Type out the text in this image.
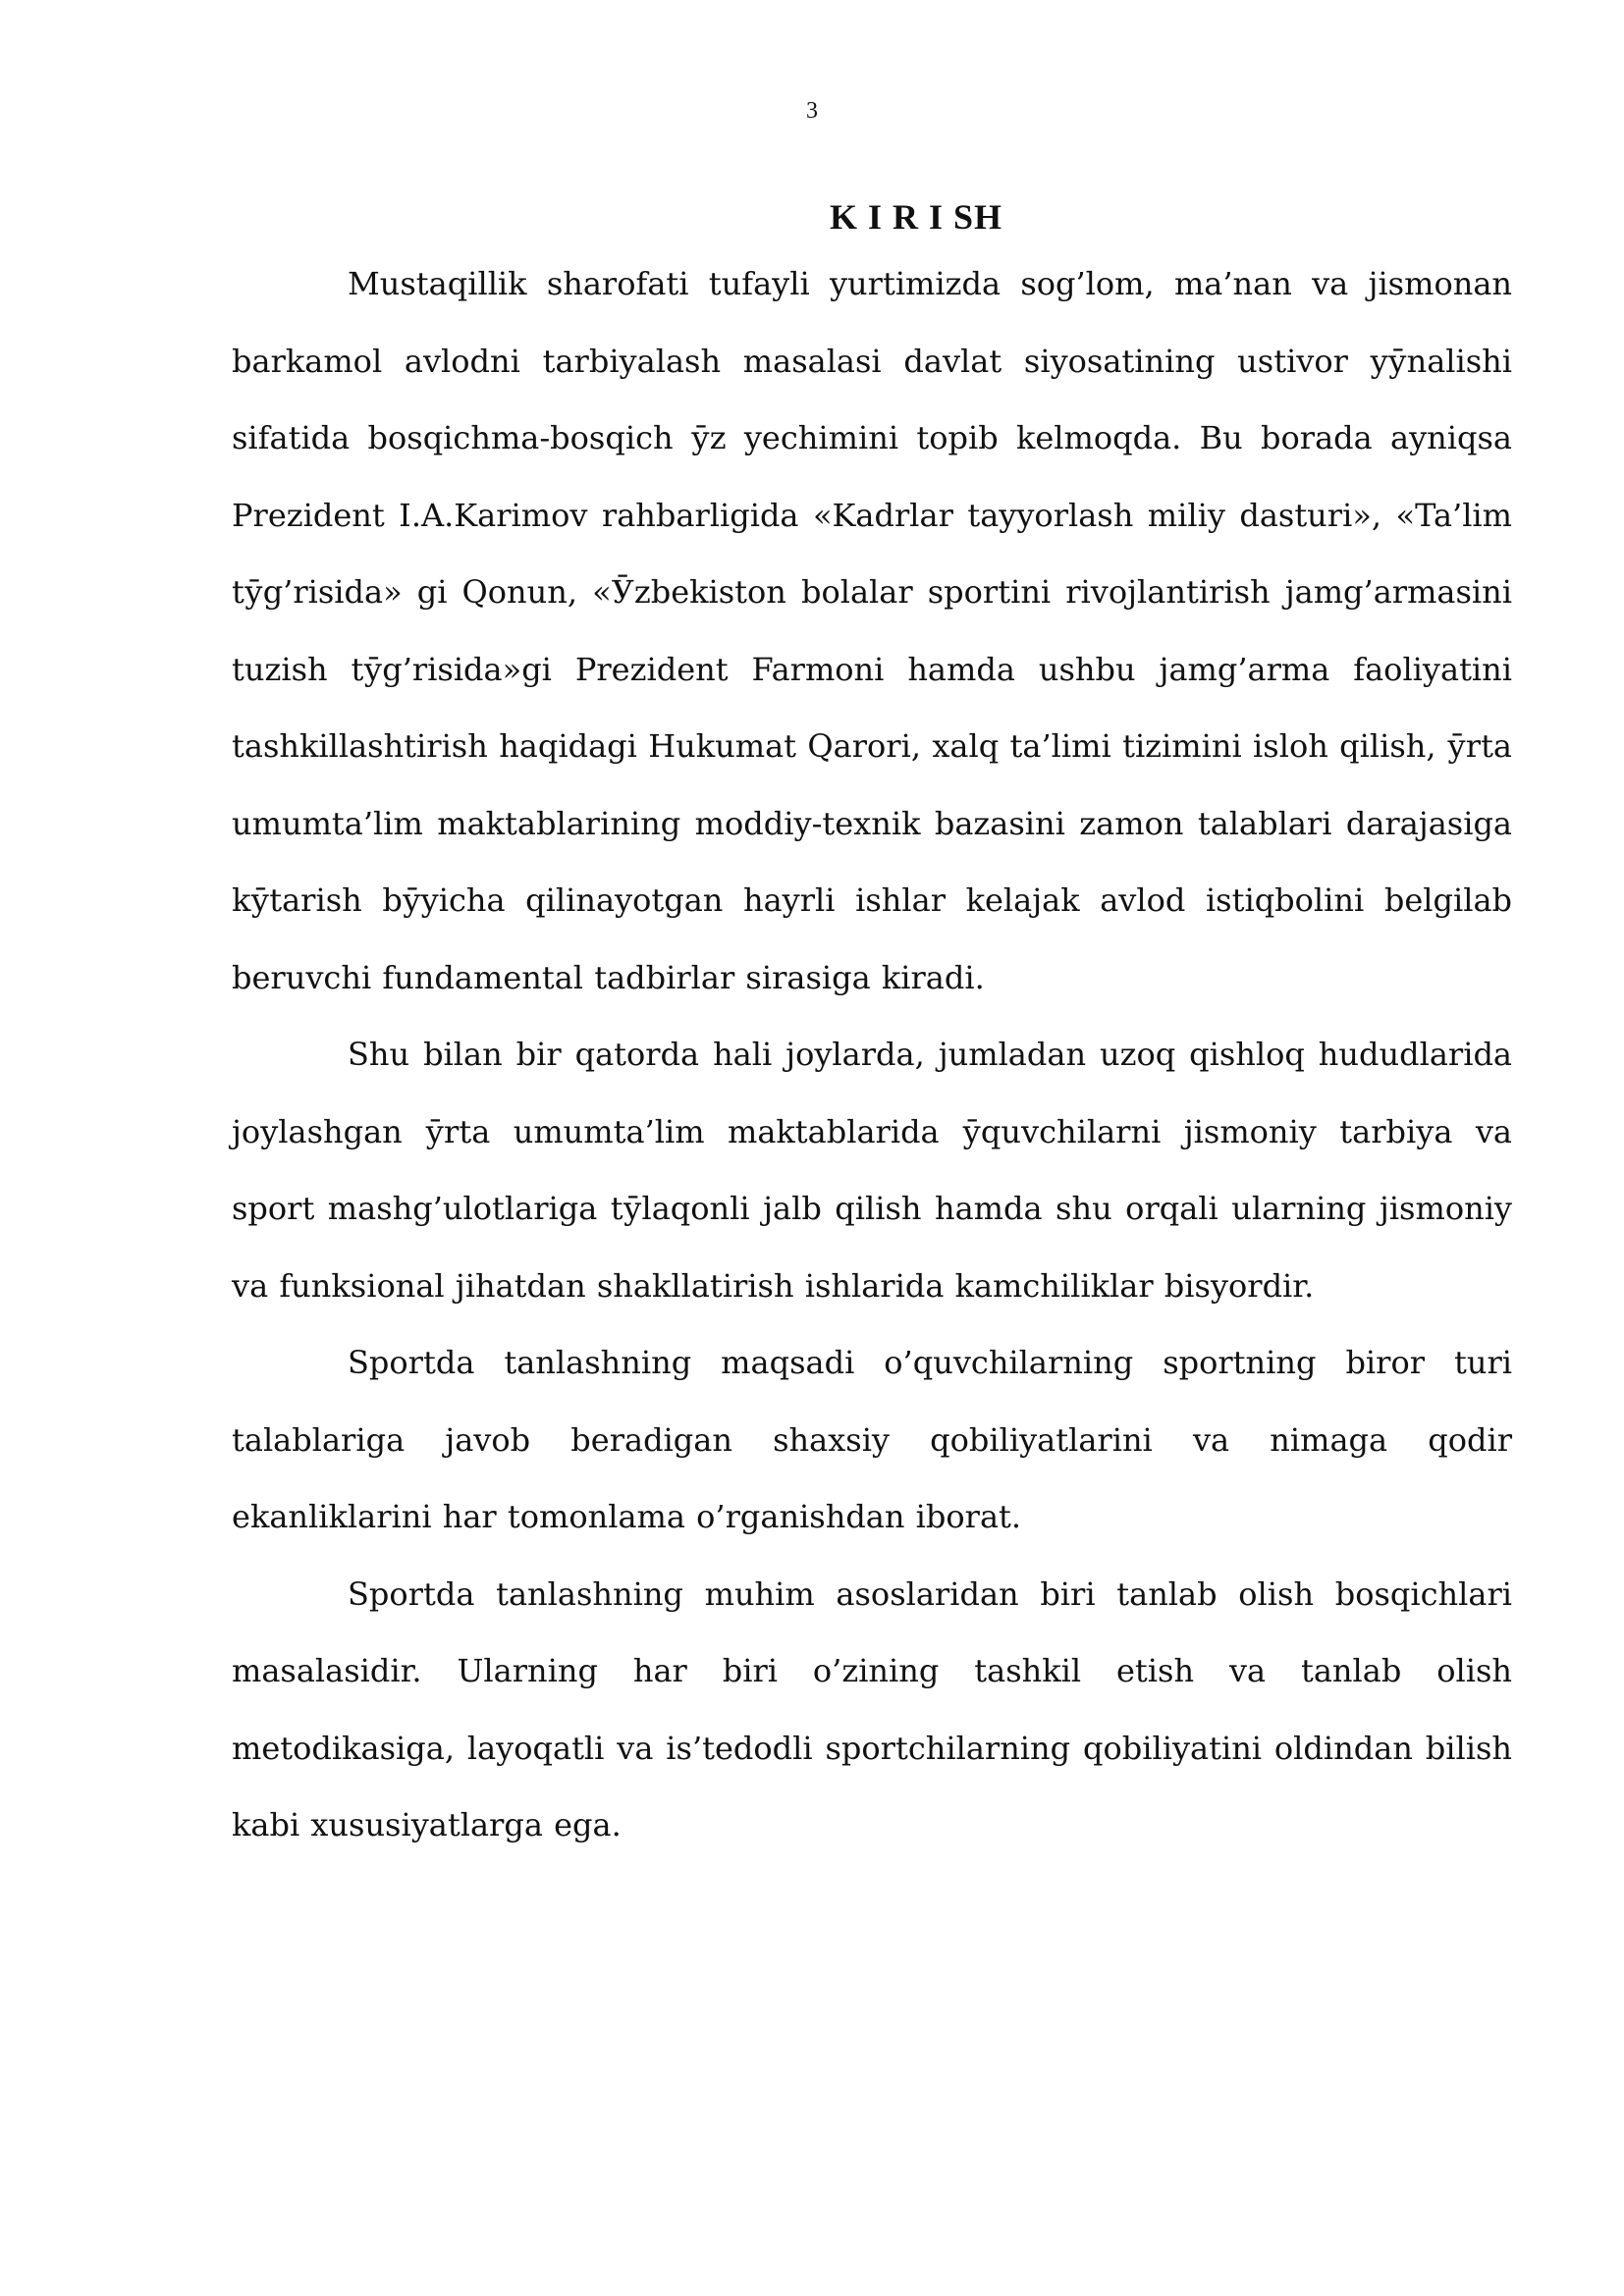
3
K I R I SH

Mustaqillik sharofati tufayli yurtimizda sog’lom, ma’nan va jismonan barkamol avlodni tarbiyalash masalasi davlat siyosatining ustivor yӯnalishi sifatida bosqichma-bosqich ӯz yechimini topib kelmoqda. Bu borada ayniqsa Prezident I.A.Karimov rahbarligida «Kadrlar tayyorlash miliy dasturi», «Ta’lim tӯg’risida» gi Qonun, «Ӯzbekiston bolalar sportini rivojlantirish jamg’armasini tuzish tӯg’risida»gi Prezident Farmoni hamda ushbu jamg’arma faoliyatini tashkillashtirish haqidagi Hukumat Qarori, xalq ta’limi tizimini isloh qilish, ӯrta umumta’lim maktablarining moddiy-texnik bazasini zamon talablari darajasiga kӯtarish bӯyicha qilinayotgan hayrli ishlar kelajak avlod istiqbolini belgilab beruvchi fundamental tadbirlar sirasiga kiradi.

Shu bilan bir qatorda hali joylarda, jumladan uzoq qishloq hududlarida joylashgan ӯrta umumta’lim maktablarida ӯquvchilarni jismoniy tarbiya va sport mashg’ulotlariga tӯlaqonli jalb qilish hamda shu orqali ularning jismoniy va funksional jihatdan shakllatirish ishlarida kamchiliklar bisyordir.

Sportda tanlashning maqsadi o’quvchilarning sportning biror turi talablariga javob beradigan shaxsiy qobiliyatlarini va nimaga qodir ekanliklarini har tomonlama o’rganishdan iborat.

Sportda tanlashning muhim asoslaridan biri tanlab olish bosqichlari masalasidir. Ularning har biri o’zining tashkil etish va tanlab olish metodikasiga, layoqatli va is’tedodli sportchilarning qobiliyatini oldindan bilish kabi xususiyatlarga ega.
